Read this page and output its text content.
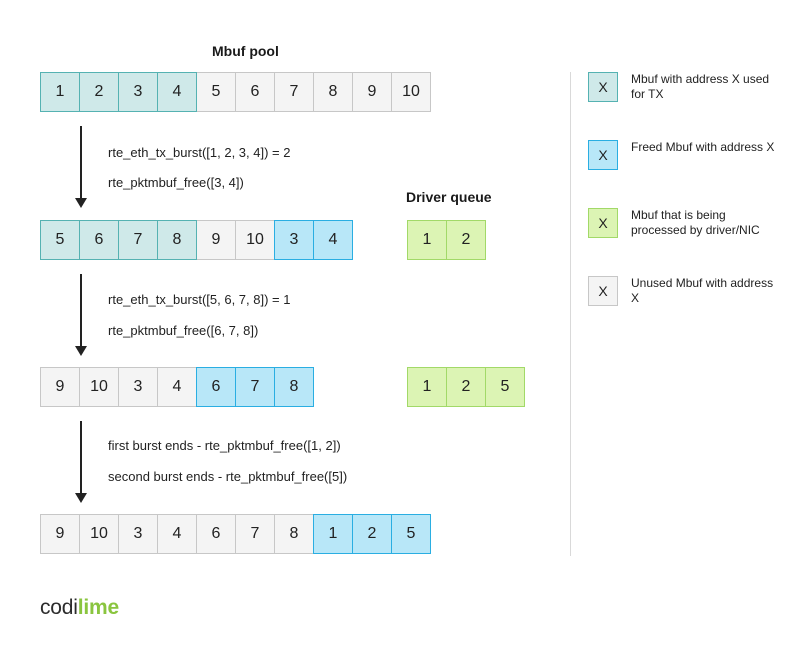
Mbuf pool
1	2	3	4	5	6	7	8	9	10
rte_eth_tx_burst([1, 2, 3, 4]) = 2
rte_pktmbuf_free([3, 4])
Driver queue
5	6	7	8	9	10	3	4	1	2
rte_eth_tx_burst([5, 6, 7, 8]) = 1
rte_pktmbuf_free([6, 7, 8])
9	10	3	4	6	7	8	1	2	5
first burst ends - rte_pktmbuf_free([1, 2])
second burst ends - rte_pktmbuf_free([5])
9	10	3	4	6	7	8	1	2	5
X	Mbuf with address X used for TX
X	Freed Mbuf with address X
X	Mbuf that is being processed by driver/NIC
X	Unused Mbuf with address X
codilime
